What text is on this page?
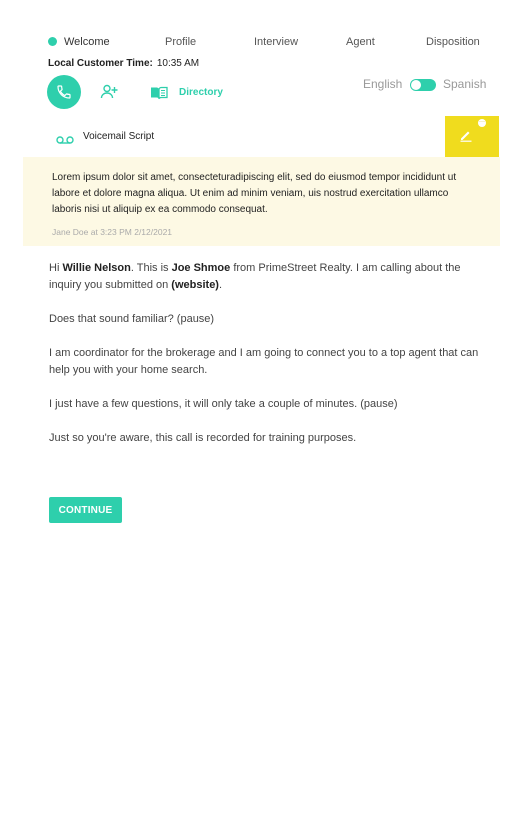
Welcome	Profile	Interview	Agent	Disposition
Local Customer Time: 10:35 AM
Directory
English	Spanish
Voicemail Script
···
Lorem ipsum dolor sit amet, consecteturadipiscing elit, sed do eiusmod tempor incididunt ut labore et dolore magna aliqua. Ut enim ad minim veniam, uis nostrud exercitation ullamco laboris nisi ut aliquip ex ea commodo consequat.
Jane Doe at 3:23 PM 2/12/2021

Hi Willie Nelson. This is Joe Shmoe from PrimeStreet Realty. I am calling about the inquiry you submitted on (website).

Does that sound familiar? (pause)

I am coordinator for the brokerage and I am going to connect you to a top agent that can help you with your home search.

I just have a few questions, it will only take a couple of minutes. (pause)

Just so you're aware, this call is recorded for training purposes.

CONTINUE
